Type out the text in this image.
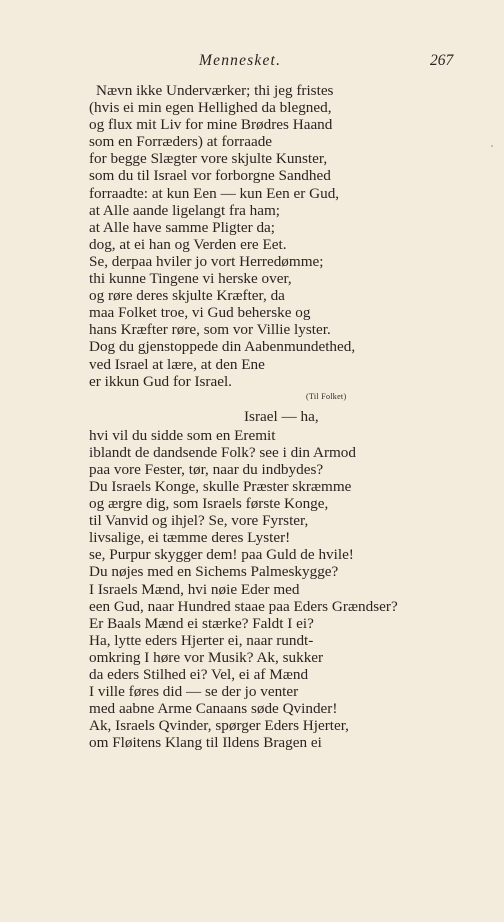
Mennesket.	267
Nævn ikke Underværker; thi jeg fristes
(hvis ei min egen Hellighed da blegned,
og flux mit Liv for mine Brødres Haand
som en Forræders) at forraade
for begge Slægter vore skjulte Kunster,
som du til Israel vor forborgne Sandhed
forraadte: at kun Een — kun Een er Gud,
at Alle aande ligelangt fra ham;
at Alle have samme Pligter da;
dog, at ei han og Verden ere Eet.
Se, derpaa hviler jo vort Herredømme;
thi kunne Tingene vi herske over,
og røre deres skjulte Kræfter, da
maa Folket troe, vi Gud beherske og
hans Kræfter røre, som vor Villie lyster.
Dog du gjenstoppede din Aabenmundethed,
ved Israel at lære, at den Ene
er ikkun Gud for Israel.
(Til Folket)
Israel — ha,
hvi vil du sidde som en Eremit
iblandt de dandsende Folk? see i din Armod
paa vore Fester, tør, naar du indbydes?
Du Israels Konge, skulle Præster skræmme
og ærgre dig, som Israels første Konge,
til Vanvid og ihjel? Se, vore Fyrster,
livsalige, ei tæmme deres Lyster!
se, Purpur skygger dem! paa Guld de hvile!
Du nøjes med en Sichems Palmeskygge?
I Israels Mænd, hvi nøie Eder med
een Gud, naar Hundred staae paa Eders Grændser?
Er Baals Mænd ei stærke? Faldt I ei?
Ha, lytte eders Hjerter ei, naar rundt-
omkring I høre vor Musik? Ak, sukker
da eders Stilhed ei? Vel, ei af Mænd
I ville føres did — se der jo venter
med aabne Arme Canaans søde Qvinder!
Ak, Israels Qvinder, spørger Eders Hjerter,
om Fløitens Klang til Ildens Bragen ei
